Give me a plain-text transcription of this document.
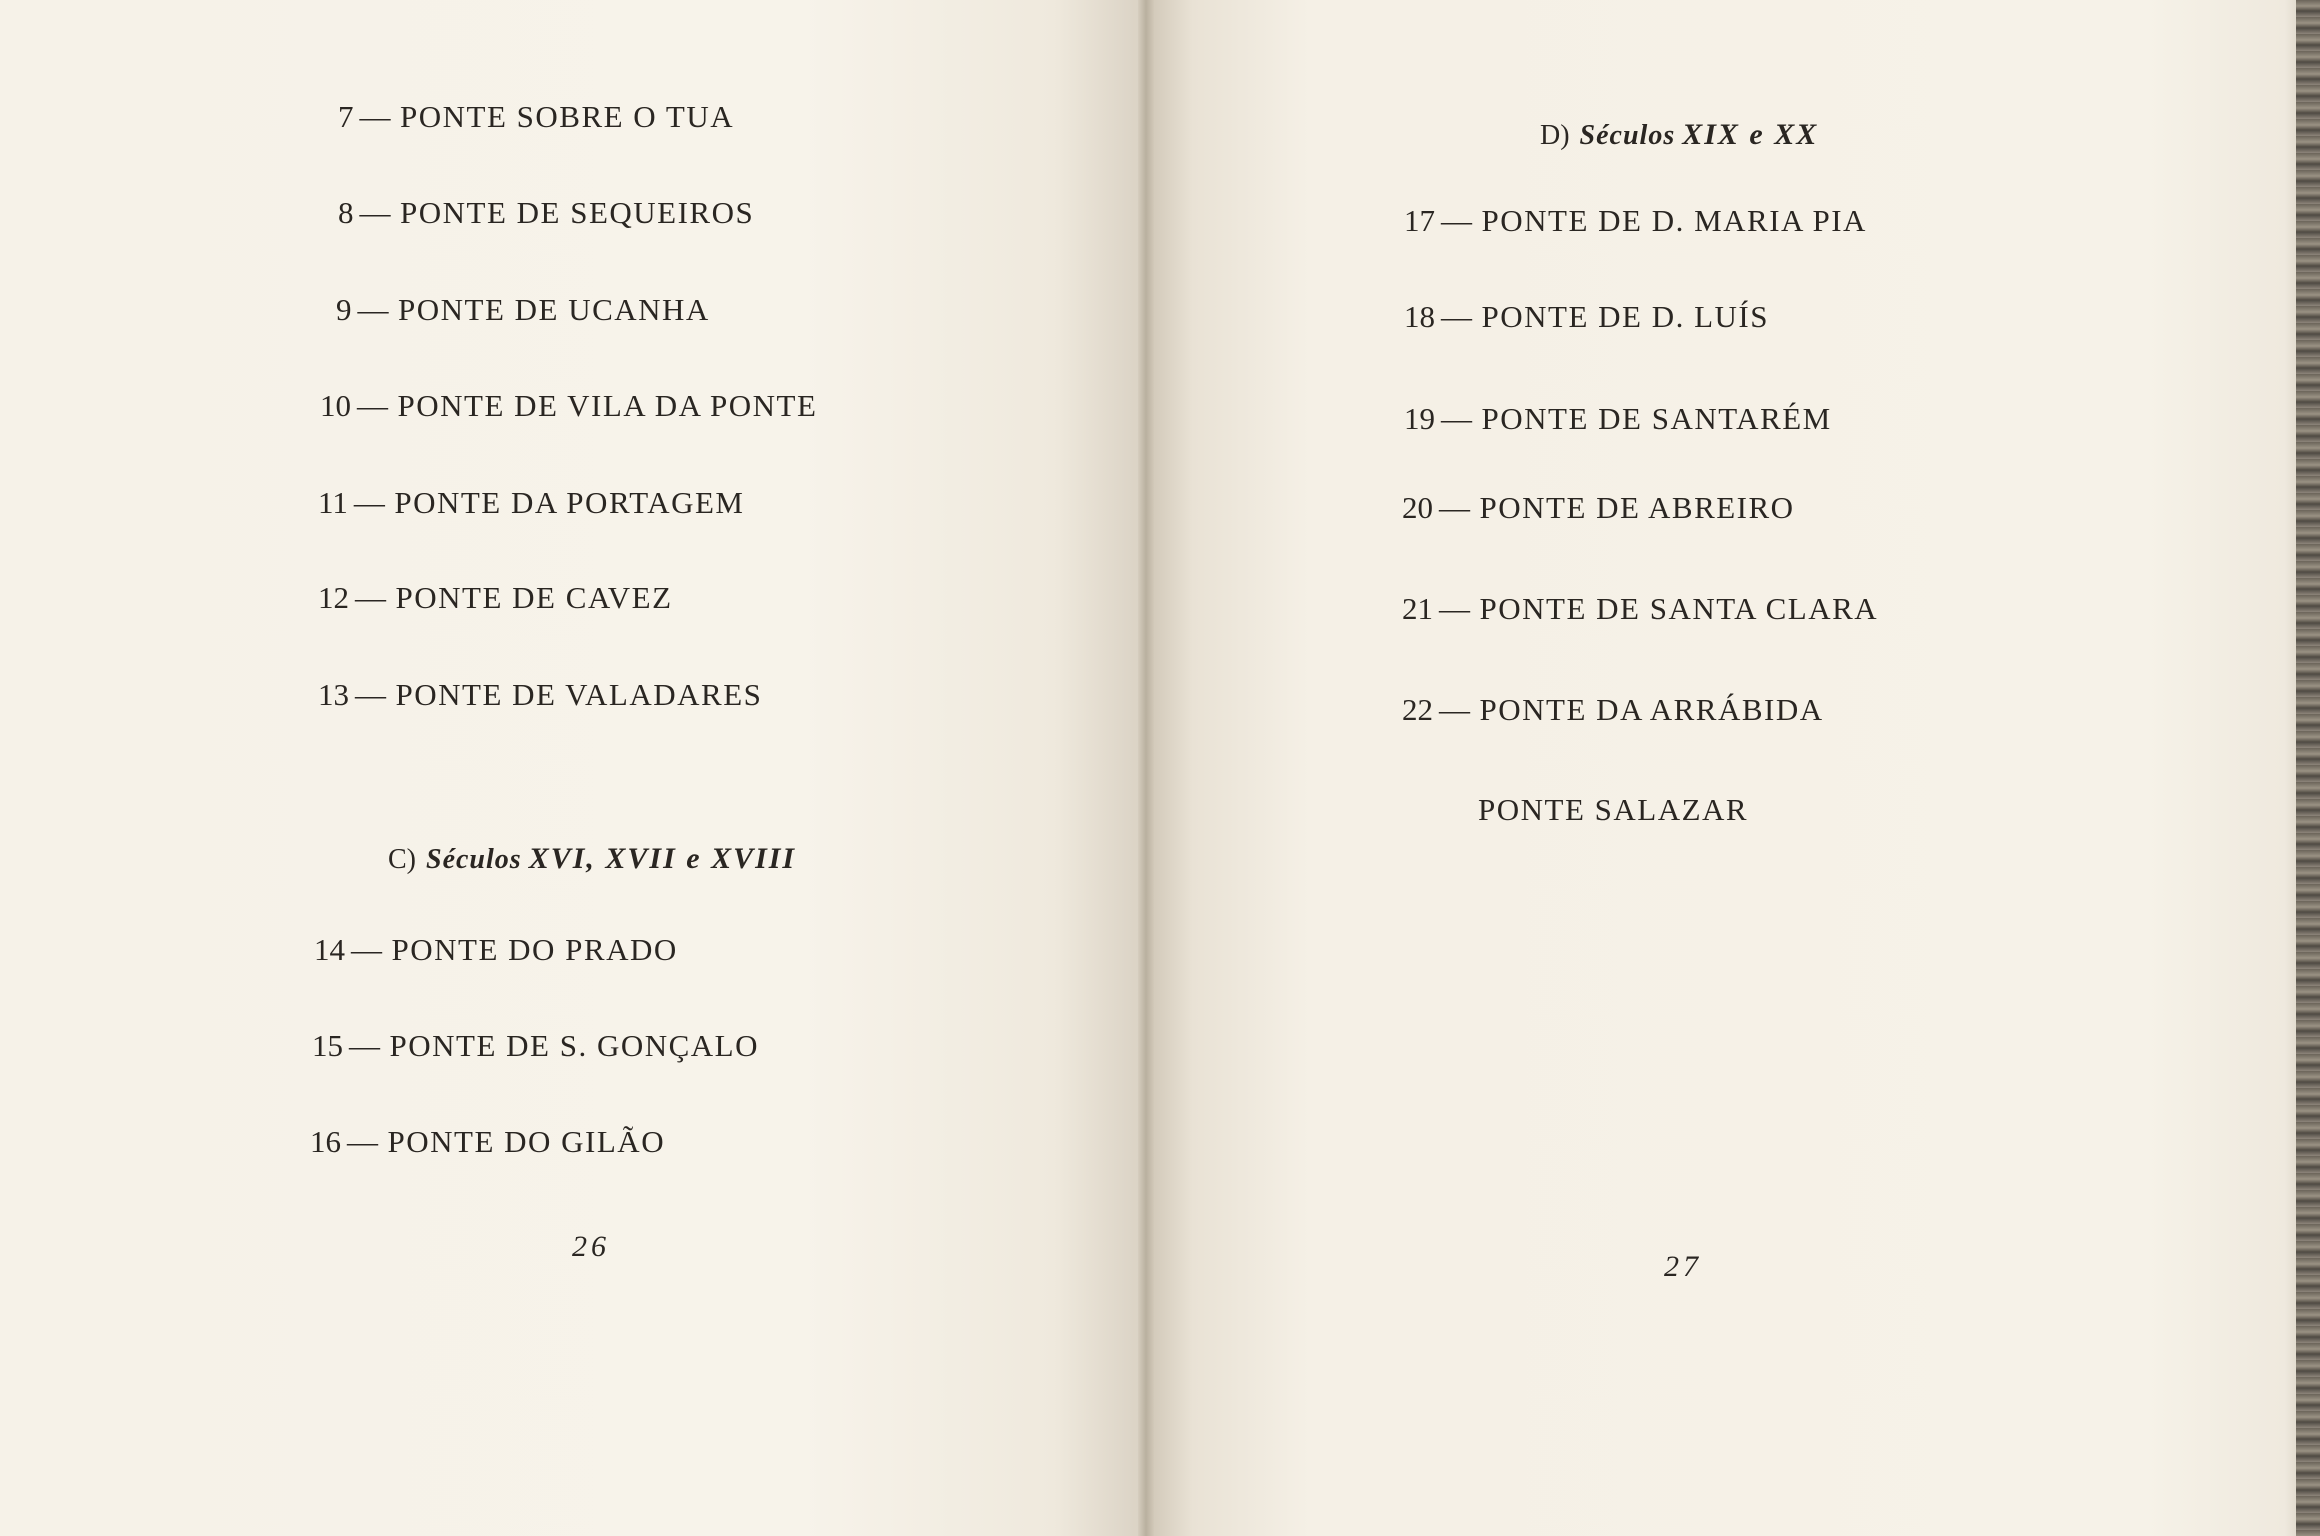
7 — PONTE SOBRE O TUA
8 — PONTE DE SEQUEIROS
9 — PONTE DE UCANHA
10 — PONTE DE VILA DA PONTE
11 — PONTE DA PORTAGEM
12 — PONTE DE CAVEZ
13 — PONTE DE VALADARES
C) Séculos XVI, XVII e XVIII
14 — PONTE DO PRADO
15 — PONTE DE S. GONÇALO
16 — PONTE DO GILÃO
26
D) Séculos XIX e XX
17 — PONTE DE D. MARIA PIA
18 — PONTE DE D. LUÍS
19 — PONTE DE SANTARÉM
20 — PONTE DE ABREIRO
21 — PONTE DE SANTA CLARA
22 — PONTE DA ARRÁBIDA
PONTE SALAZAR
27
